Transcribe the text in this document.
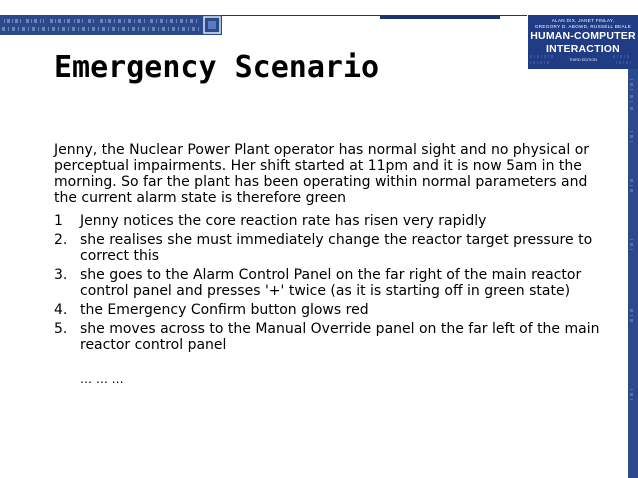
ALAN DIX, JANET FINLAY,
GREGORY D. ABOWD, RUSSELL BEALE
HUMAN-COMPUTER
INTERACTION
THIRD EDITION
Emergency Scenario

Jenny, the Nuclear Power Plant operator has normal sight and no physical or perceptual impairments. Her shift started at 11pm and it is now 5am in the morning. So far the plant has been operating within normal parameters and the current alarm state is therefore green

1 Jenny notices the core reaction rate has risen very rapidly
2. she realises she must immediately change the reactor target pressure to correct this
3. she goes to the Alarm Control Panel on the far right of the main reactor control panel and presses '+' twice (as it is starting off in green state)
4. the Emergency Confirm button glows red
5. she moves across to the Manual Override panel on the far left of the main reactor control panel
… … …
